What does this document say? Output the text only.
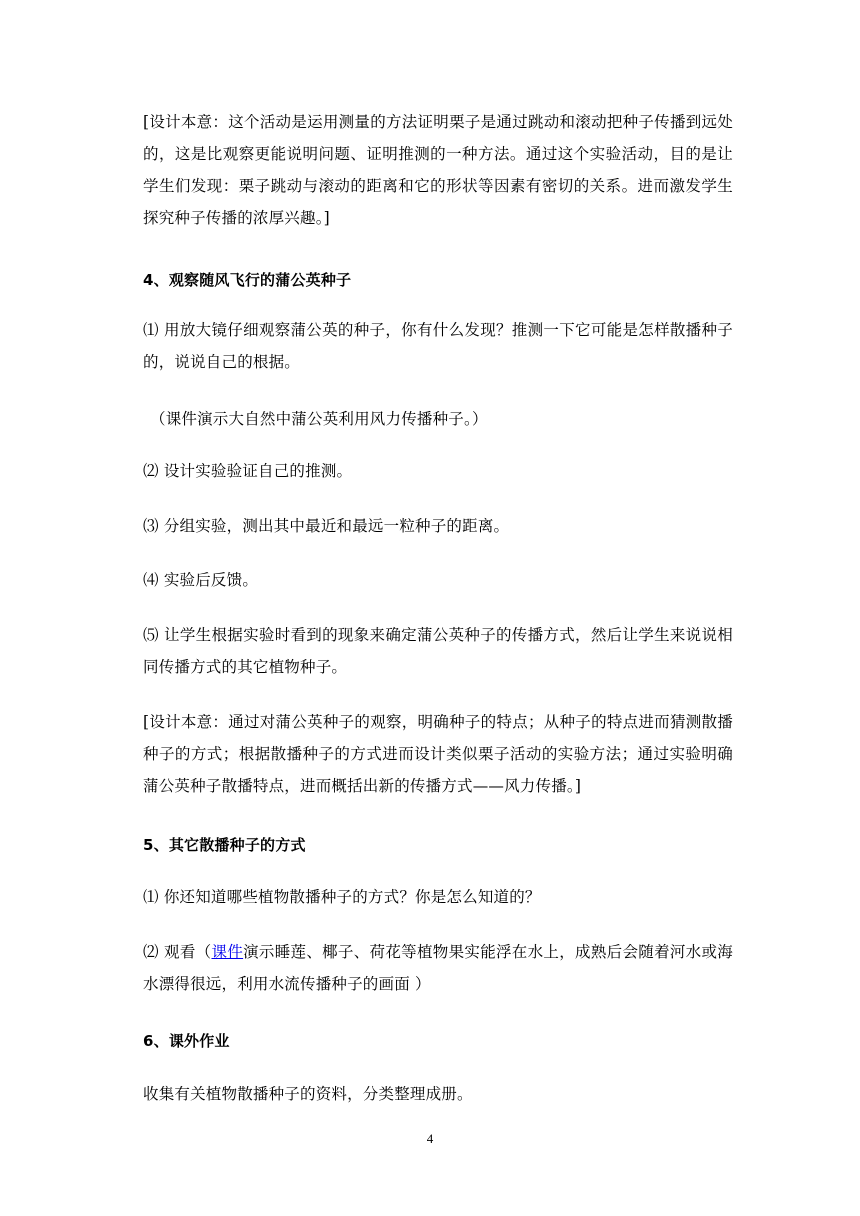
[设计本意：这个活动是运用测量的方法证明栗子是通过跳动和滚动把种子传播到远处的，这是比观察更能说明问题、证明推测的一种方法。通过这个实验活动，目的是让学生们发现：栗子跳动与滚动的距离和它的形状等因素有密切的关系。进而激发学生探究种子传播的浓厚兴趣。]
4、观察随风飞行的蒲公英种子
⑴ 用放大镜仔细观察蒲公英的种子，你有什么发现？推测一下它可能是怎样散播种子的，说说自己的根据。
（课件演示大自然中蒲公英利用风力传播种子。）
⑵ 设计实验验证自己的推测。
⑶ 分组实验，测出其中最近和最远一粒种子的距离。
⑷ 实验后反馈。
⑸ 让学生根据实验时看到的现象来确定蒲公英种子的传播方式，然后让学生来说说相同传播方式的其它植物种子。
[设计本意：通过对蒲公英种子的观察，明确种子的特点；从种子的特点进而猜测散播种子的方式；根据散播种子的方式进而设计类似栗子活动的实验方法；通过实验明确蒲公英种子散播特点，进而概括出新的传播方式——风力传播。]
5、其它散播种子的方式
⑴ 你还知道哪些植物散播种子的方式？你是怎么知道的？
⑵ 观看（课件演示睡莲、椰子、荷花等植物果实能浮在水上，成熟后会随着河水或海水漂得很远，利用水流传播种子的画面 ）
6、课外作业
收集有关植物散播种子的资料，分类整理成册。
4
